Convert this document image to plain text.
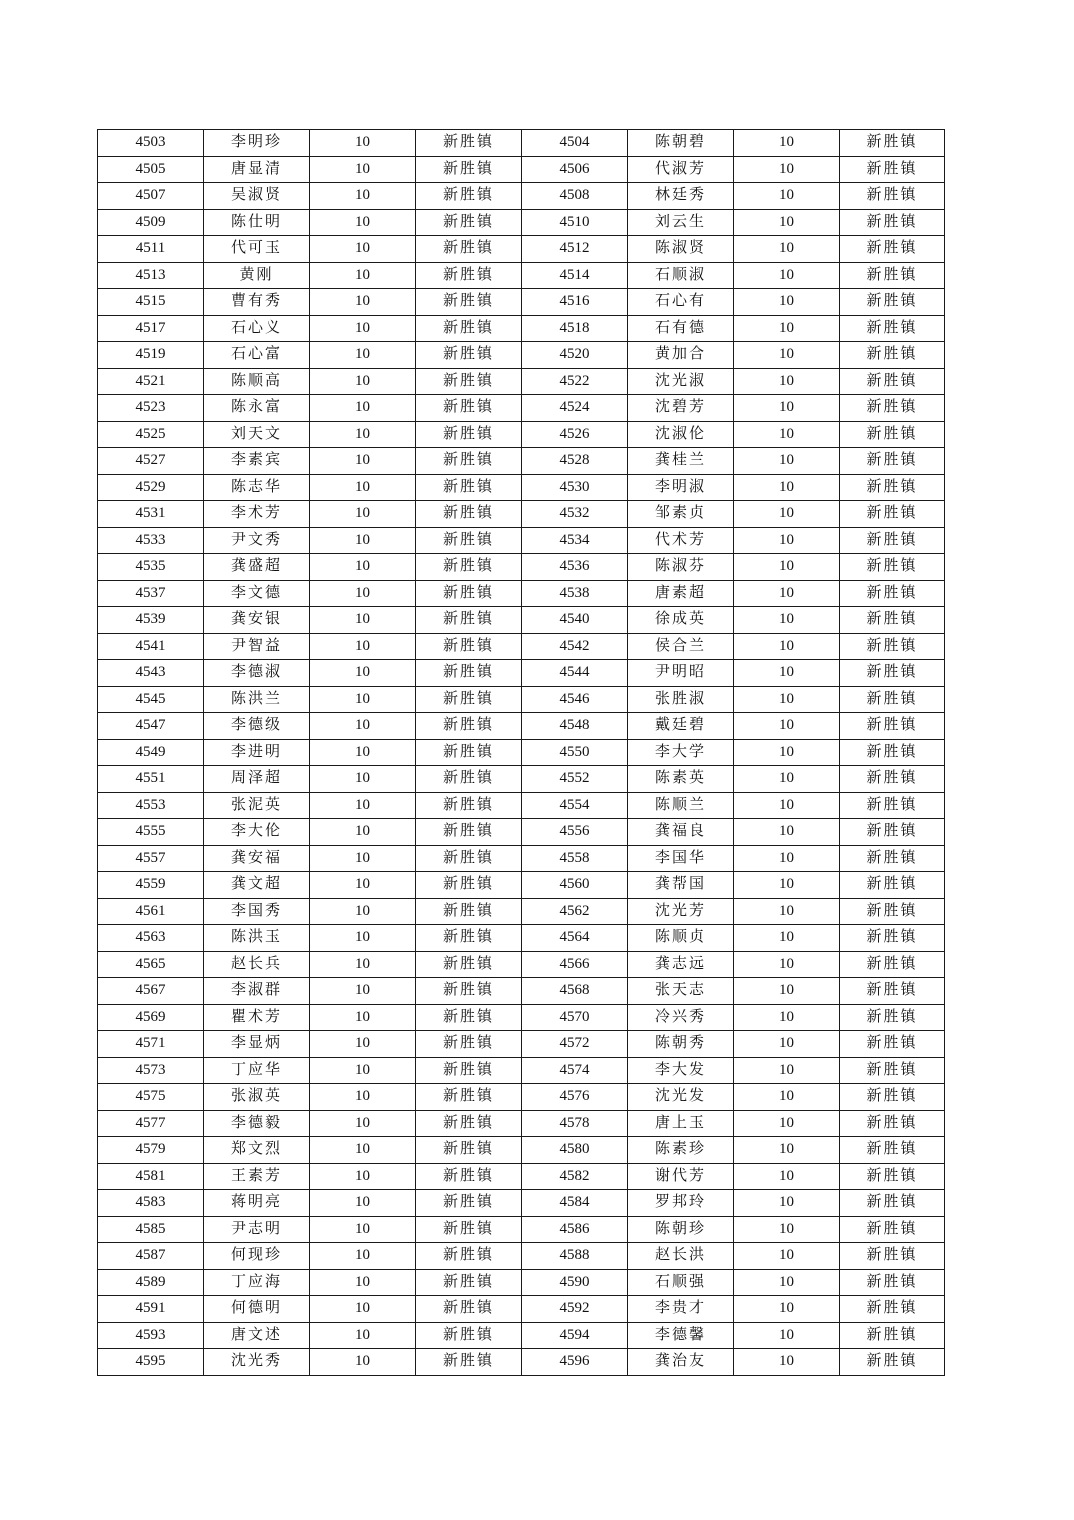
4503	李明珍	10	新胜镇	4504	陈朝碧	10	新胜镇
4505	唐显清	10	新胜镇	4506	代淑芳	10	新胜镇
4507	吴淑贤	10	新胜镇	4508	林廷秀	10	新胜镇
4509	陈仕明	10	新胜镇	4510	刘云生	10	新胜镇
4511	代可玉	10	新胜镇	4512	陈淑贤	10	新胜镇
4513	黄刚	10	新胜镇	4514	石顺淑	10	新胜镇
4515	曹有秀	10	新胜镇	4516	石心有	10	新胜镇
4517	石心义	10	新胜镇	4518	石有德	10	新胜镇
4519	石心富	10	新胜镇	4520	黄加合	10	新胜镇
4521	陈顺高	10	新胜镇	4522	沈光淑	10	新胜镇
4523	陈永富	10	新胜镇	4524	沈碧芳	10	新胜镇
4525	刘天文	10	新胜镇	4526	沈淑伦	10	新胜镇
4527	李素宾	10	新胜镇	4528	龚桂兰	10	新胜镇
4529	陈志华	10	新胜镇	4530	李明淑	10	新胜镇
4531	李术芳	10	新胜镇	4532	邹素贞	10	新胜镇
4533	尹文秀	10	新胜镇	4534	代术芳	10	新胜镇
4535	龚盛超	10	新胜镇	4536	陈淑芬	10	新胜镇
4537	李文德	10	新胜镇	4538	唐素超	10	新胜镇
4539	龚安银	10	新胜镇	4540	徐成英	10	新胜镇
4541	尹智益	10	新胜镇	4542	侯合兰	10	新胜镇
4543	李德淑	10	新胜镇	4544	尹明昭	10	新胜镇
4545	陈洪兰	10	新胜镇	4546	张胜淑	10	新胜镇
4547	李德级	10	新胜镇	4548	戴廷碧	10	新胜镇
4549	李进明	10	新胜镇	4550	李大学	10	新胜镇
4551	周泽超	10	新胜镇	4552	陈素英	10	新胜镇
4553	张泥英	10	新胜镇	4554	陈顺兰	10	新胜镇
4555	李大伦	10	新胜镇	4556	龚福良	10	新胜镇
4557	龚安福	10	新胜镇	4558	李国华	10	新胜镇
4559	龚文超	10	新胜镇	4560	龚帮国	10	新胜镇
4561	李国秀	10	新胜镇	4562	沈光芳	10	新胜镇
4563	陈洪玉	10	新胜镇	4564	陈顺贞	10	新胜镇
4565	赵长兵	10	新胜镇	4566	龚志远	10	新胜镇
4567	李淑群	10	新胜镇	4568	张天志	10	新胜镇
4569	瞿术芳	10	新胜镇	4570	冷兴秀	10	新胜镇
4571	李显炳	10	新胜镇	4572	陈朝秀	10	新胜镇
4573	丁应华	10	新胜镇	4574	李大发	10	新胜镇
4575	张淑英	10	新胜镇	4576	沈光发	10	新胜镇
4577	李德毅	10	新胜镇	4578	唐上玉	10	新胜镇
4579	郑文烈	10	新胜镇	4580	陈素珍	10	新胜镇
4581	王素芳	10	新胜镇	4582	谢代芳	10	新胜镇
4583	蒋明亮	10	新胜镇	4584	罗邦玲	10	新胜镇
4585	尹志明	10	新胜镇	4586	陈朝珍	10	新胜镇
4587	何现珍	10	新胜镇	4588	赵长洪	10	新胜镇
4589	丁应海	10	新胜镇	4590	石顺强	10	新胜镇
4591	何德明	10	新胜镇	4592	李贵才	10	新胜镇
4593	唐文述	10	新胜镇	4594	李德馨	10	新胜镇
4595	沈光秀	10	新胜镇	4596	龚治友	10	新胜镇
